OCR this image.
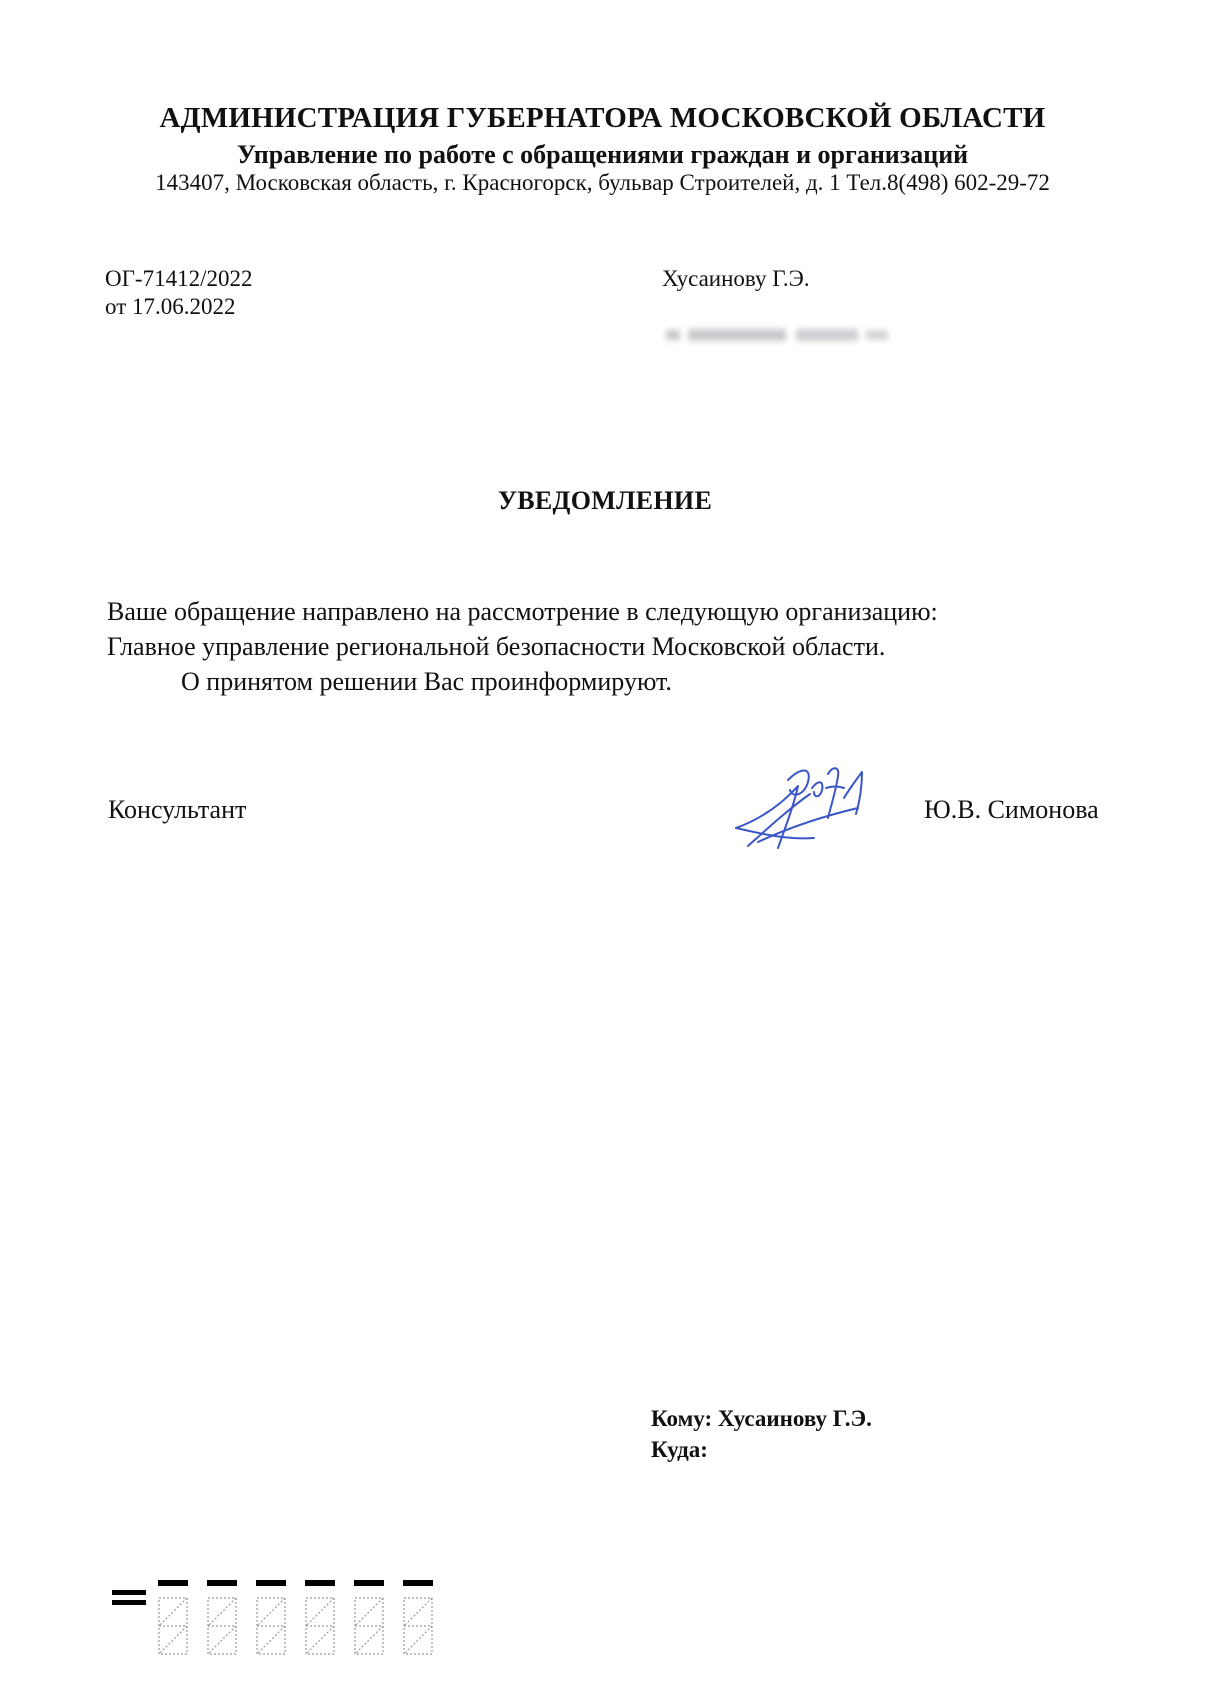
АДМИНИСТРАЦИЯ ГУБЕРНАТОРА МОСКОВСКОЙ ОБЛАСТИ
Управление по работе с обращениями граждан и организаций
143407, Московская область, г. Красногорск, бульвар Строителей, д. 1 Тел.8(498) 602-29-72
ОГ-71412/2022
от 17.06.2022
Хусаинову Г.Э.
УВЕДОМЛЕНИЕ
Ваше обращение направлено на рассмотрение в следующую организацию:
Главное управление региональной безопасности Московской области.
О принятом решении Вас проинформируют.
Консультант	Ю.В. Симонова
Кому: Хусаинову Г.Э.
Куда:
